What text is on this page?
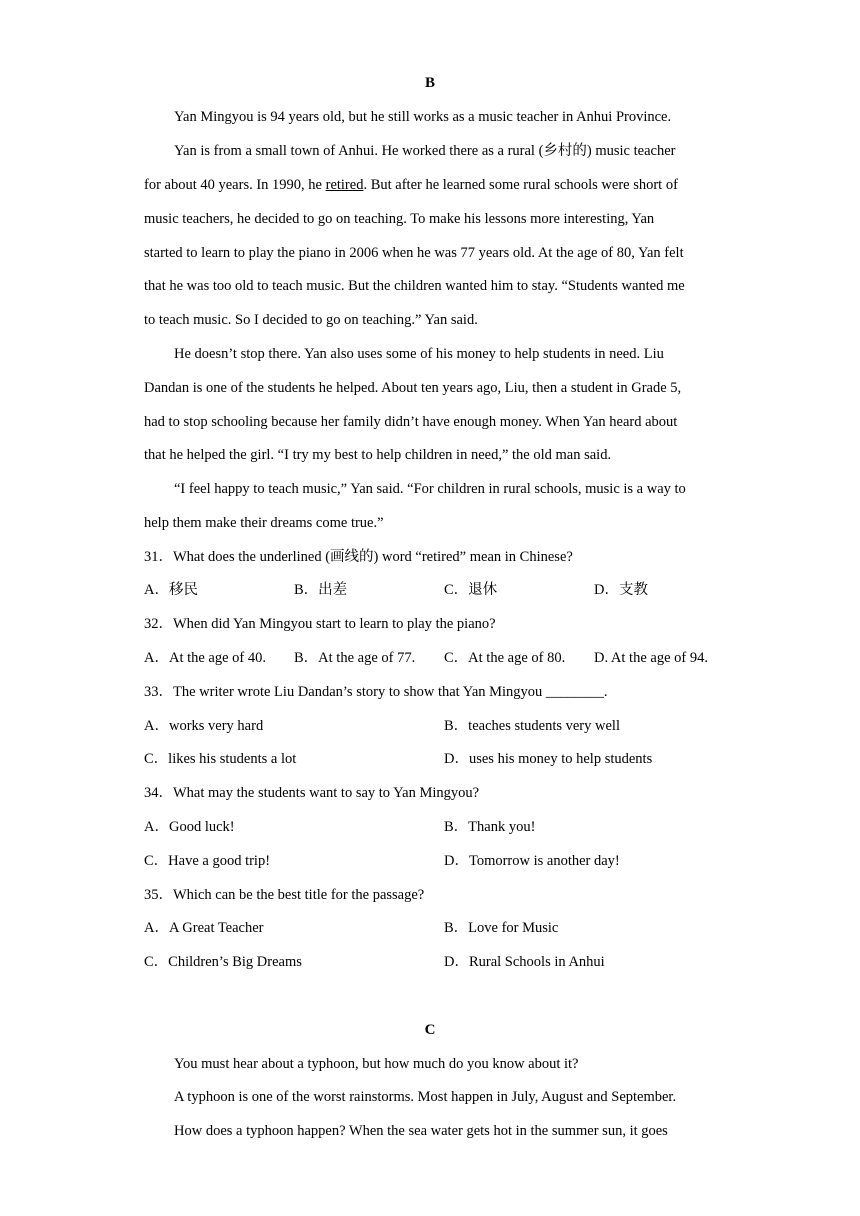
B
Yan Mingyou is 94 years old, but he still works as a music teacher in Anhui Province.
Yan is from a small town of Anhui. He worked there as a rural (乡村的) music teacher
for about 40 years. In 1990, he retired. But after he learned some rural schools were short of
music teachers, he decided to go on teaching. To make his lessons more interesting, Yan
started to learn to play the piano in 2006 when he was 77 years old. At the age of 80, Yan felt
that he was too old to teach music. But the children wanted him to stay. “Students wanted me
to teach music. So I decided to go on teaching.” Yan said.
He doesn’t stop there. Yan also uses some of his money to help students in need. Liu
Dandan is one of the students he helped. About ten years ago, Liu, then a student in Grade 5,
had to stop schooling because her family didn’t have enough money. When Yan heard about
that he helped the girl. “I try my best to help children in need,” the old man said.
“I feel happy to teach music,” Yan said. “For children in rural schools, music is a way to
help them make their dreams come true.”
31．What does the underlined (画线的) word “retired” mean in Chinese?
A．移民	B．出差	C．退休	D．支教
32．When did Yan Mingyou start to learn to play the piano?
A．At the age of 40. B．At the age of 77. C．At the age of 80. D. At the age of 94.
33．The writer wrote Liu Dandan’s story to show that Yan Mingyou ________.
A．works very hard	B．teaches students very well
C．likes his students a lot	D．uses his money to help students
34．What may the students want to say to Yan Mingyou?
A．Good luck!	B．Thank you!
C．Have a good trip!	D．Tomorrow is another day!
35．Which can be the best title for the passage?
A．A Great Teacher	B．Love for Music
C．Children’s Big Dreams	D．Rural Schools in Anhui
C
You must hear about a typhoon, but how much do you know about it?
A typhoon is one of the worst rainstorms. Most happen in July, August and September.
How does a typhoon happen? When the sea water gets hot in the summer sun, it goes
